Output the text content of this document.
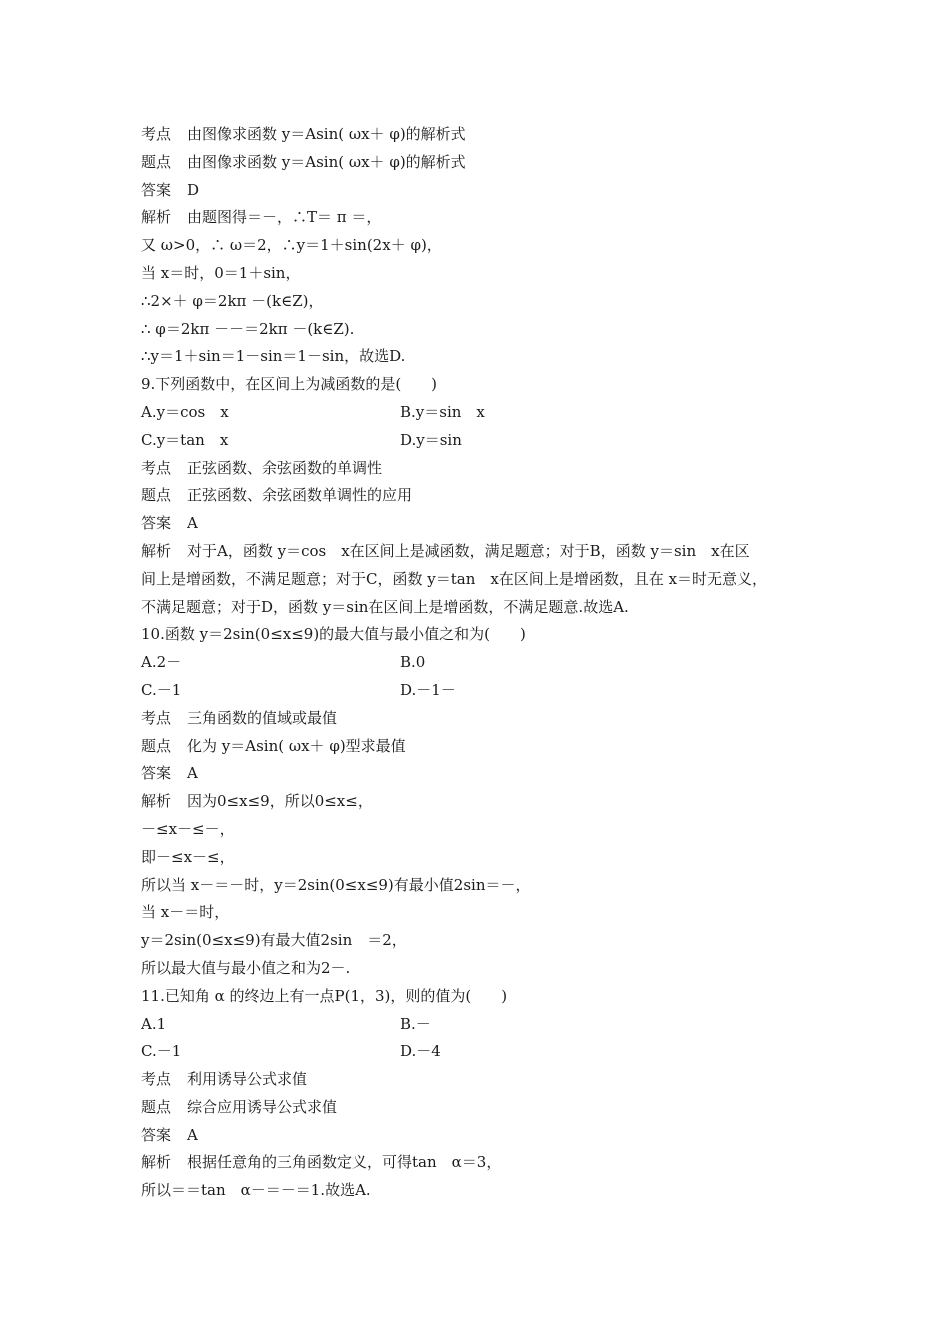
考点 由图像求函数 y＝Asin( ωx＋ φ)的解析式
题点 由图像求函数 y＝Asin( ωx＋ φ)的解析式
答案 D
解析 由题图得＝－，∴T＝ π ＝，
又 ω>0，∴ ω＝2，∴y＝1＋sin(2x＋ φ)，
当 x＝时，0＝1＋sin，
∴2×＋ φ＝2kπ －(k∈Z)，
∴ φ＝2kπ －－＝2kπ －(k∈Z).
∴y＝1＋sin＝1－sin＝1－sin，故选D.
9.下列函数中，在区间上为减函数的是(　　)
A.y＝cos　x	B.y＝sin　x
C.y＝tan　x	D.y＝sin
考点 正弦函数、余弦函数的单调性
题点 正弦函数、余弦函数单调性的应用
答案 A
解析 对于A，函数 y＝cos　x在区间上是减函数，满足题意；对于B，函数 y＝sin　x在区
间上是增函数，不满足题意；对于C，函数 y＝tan　x在区间上是增函数，且在 x＝时无意义，
不满足题意；对于D，函数 y＝sin在区间上是增函数，不满足题意.故选A.
10.函数 y＝2sin(0≤x≤9)的最大值与最小值之和为(　　)
A.2－	B.0
C.－1	D.－1－
考点 三角函数的值域或最值
题点 化为 y＝Asin( ωx＋ φ)型求最值
答案 A
解析 因为0≤x≤9，所以0≤x≤，
－≤x－≤－，
即－≤x－≤，
所以当 x－＝－时，y＝2sin(0≤x≤9)有最小值2sin＝－，
当 x－＝时，
y＝2sin(0≤x≤9)有最大值2sin　＝2，
所以最大值与最小值之和为2－.
11.已知角 α 的终边上有一点P(1，3)，则的值为(　　)
A.1	B.－
C.－1	D.－4
考点 利用诱导公式求值
题点 综合应用诱导公式求值
答案 A
解析 根据任意角的三角函数定义，可得tan　α＝3，
所以＝＝tan　α－＝－＝1.故选A.
